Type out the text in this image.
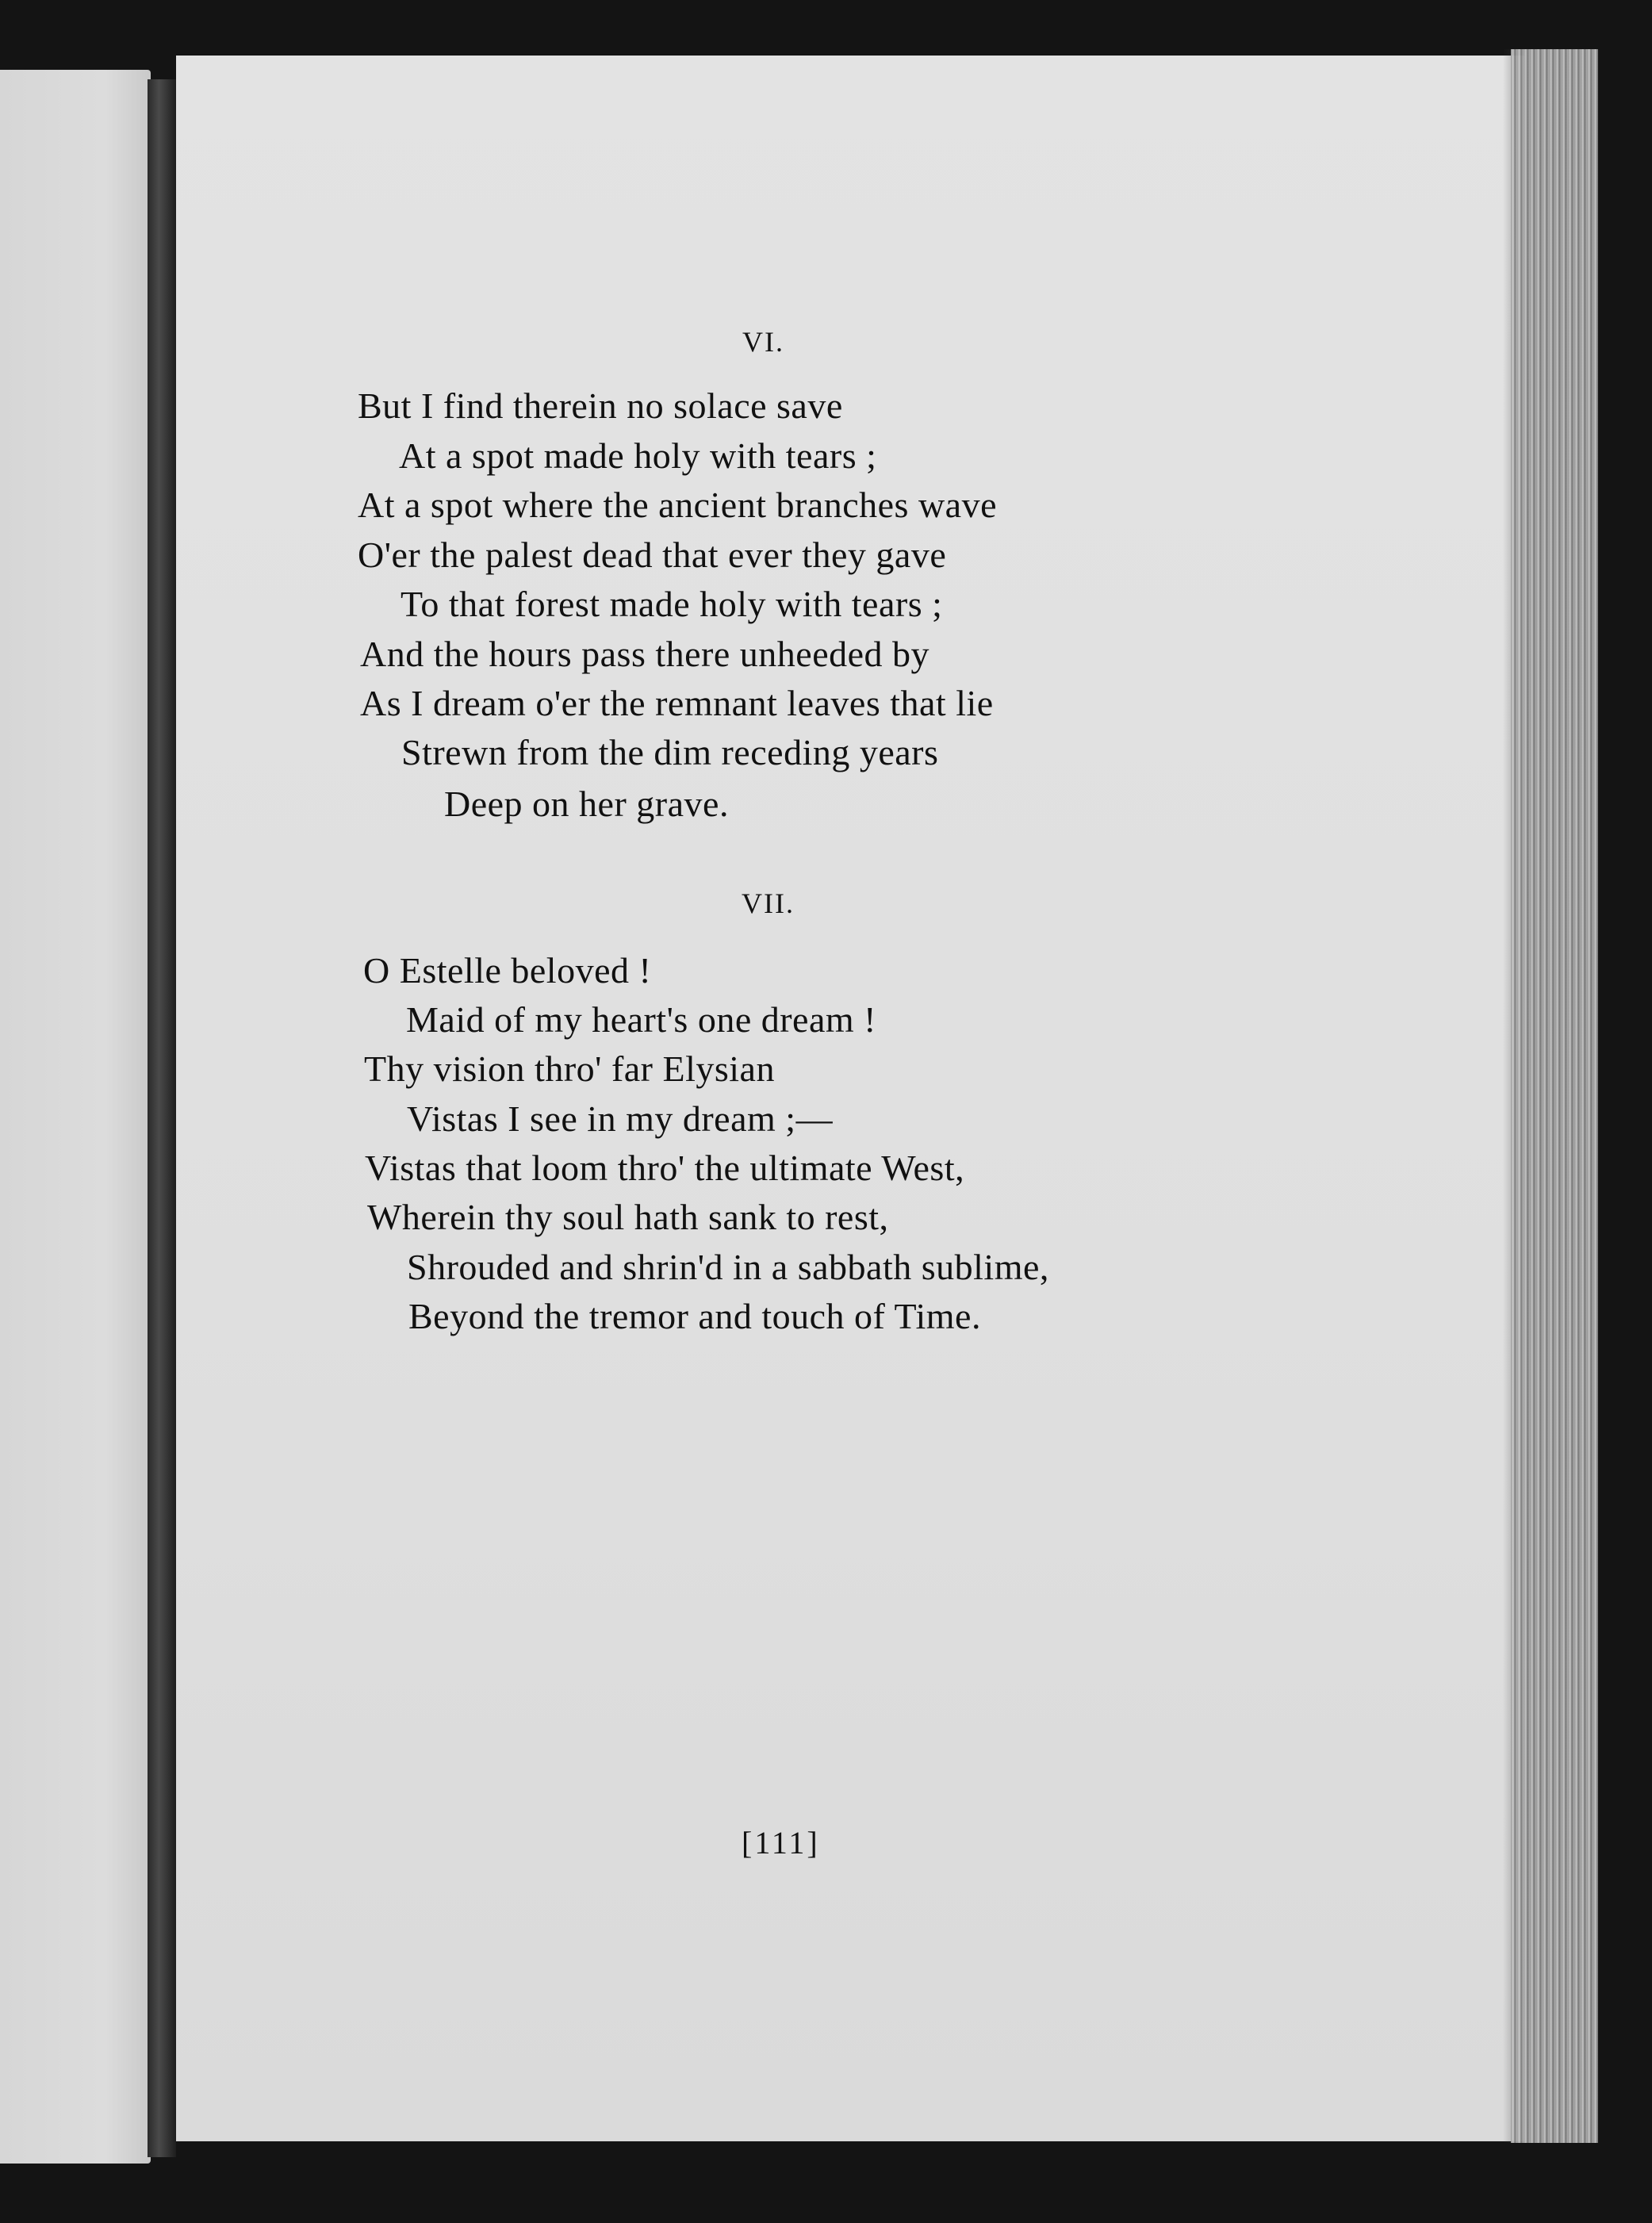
VI.
But I find therein no solace save
At a spot made holy with tears ;
At a spot where the ancient branches wave
O'er the palest dead that ever they gave
To that forest made holy with tears ;
And the hours pass there unheeded by
As I dream o'er the remnant leaves that lie
Strewn from the dim receding years
Deep on her grave.
VII.
O Estelle beloved !
Maid of my heart's one dream !
Thy vision thro' far Elysian
Vistas I see in my dream ;—
Vistas that loom thro' the ultimate West,
Wherein thy soul hath sank to rest,
Shrouded and shrin'd in a sabbath sublime,
Beyond the tremor and touch of Time.
[111]
